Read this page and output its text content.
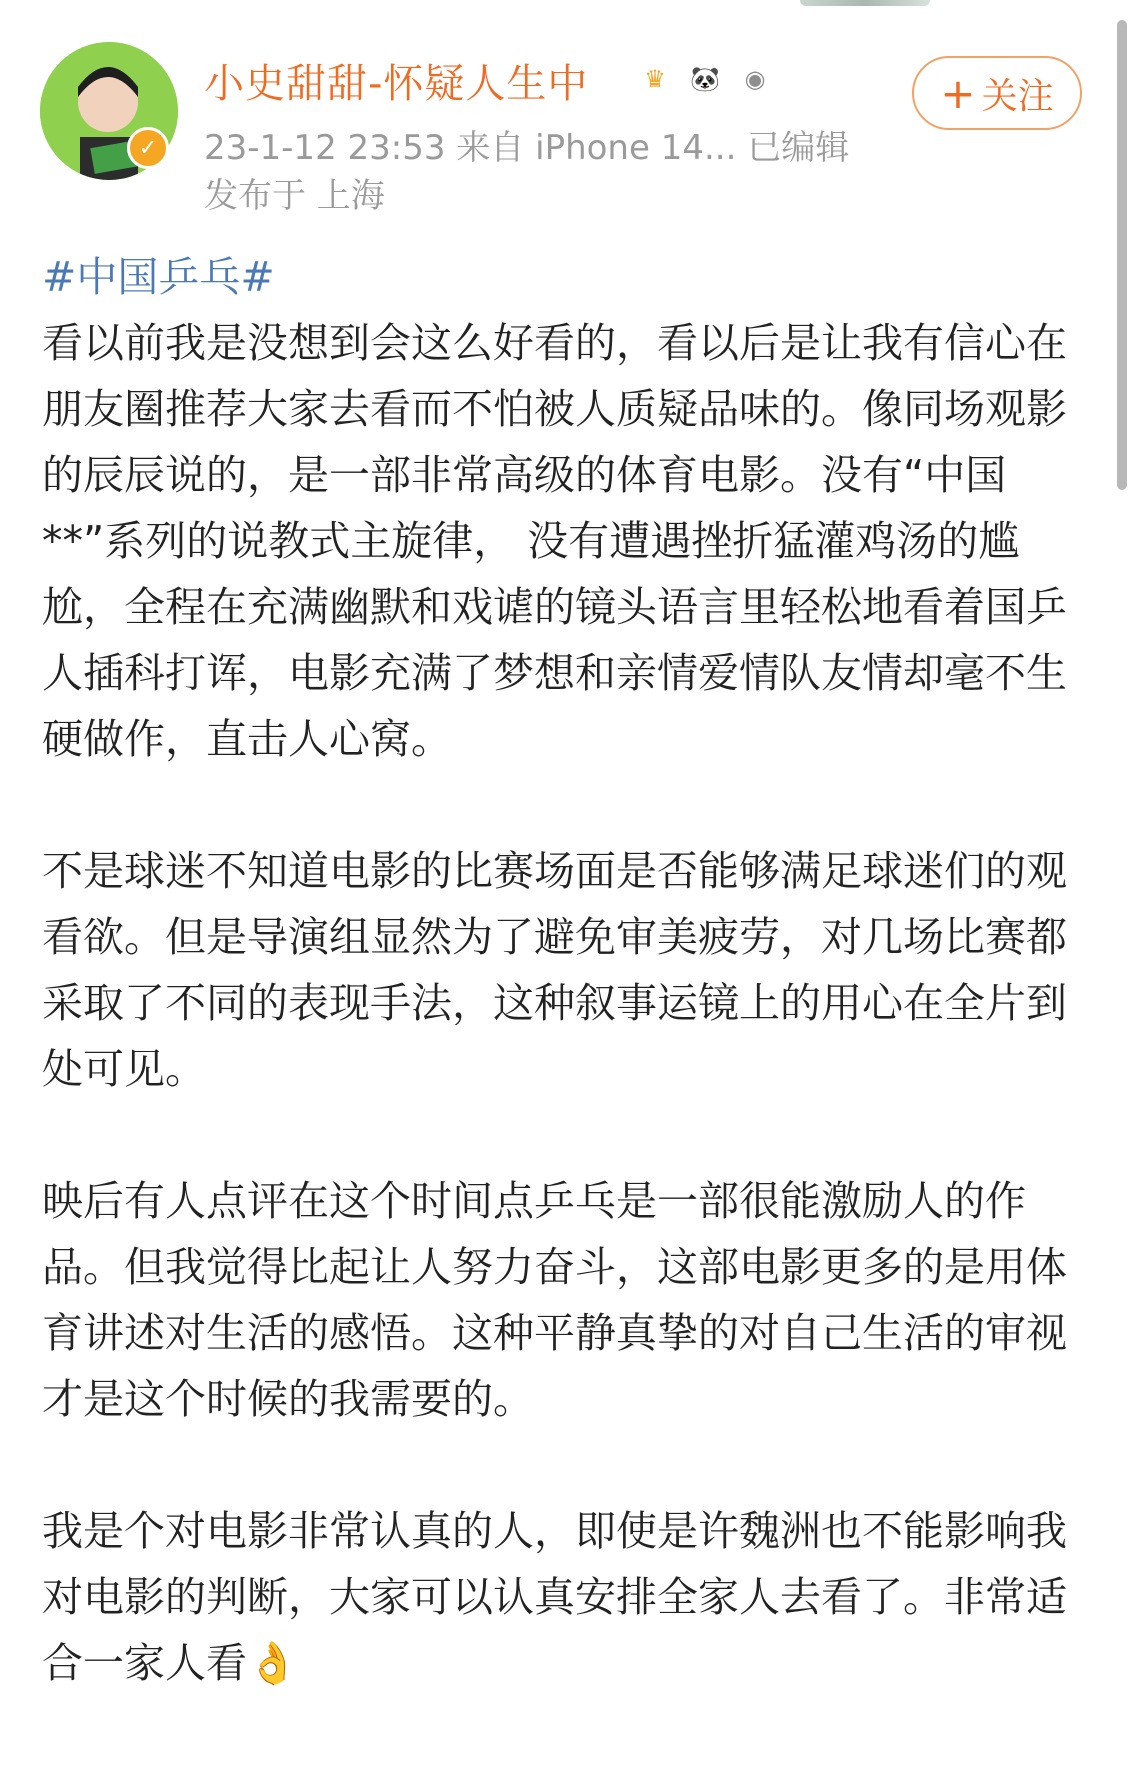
✓
小史甜甜-怀疑人生中	♛	🐼	◉
23-1-12 23:53 来自 iPhone 14... 已编辑
发布于 上海
+ 关注
#中国乒乓#

看以前我是没想到会这么好看的，看以后是让我有信心在朋友圈推荐大家去看而不怕被人质疑品味的。像同场观影的辰辰说的，是一部非常高级的体育电影。没有“中国**”系列的说教式主旋律， 没有遭遇挫折猛灌鸡汤的尴尬，全程在充满幽默和戏谑的镜头语言里轻松地看着国乒人插科打诨，电影充满了梦想和亲情爱情队友情却毫不生硬做作，直击人心窝。

不是球迷不知道电影的比赛场面是否能够满足球迷们的观看欲。但是导演组显然为了避免审美疲劳，对几场比赛都采取了不同的表现手法，这种叙事运镜上的用心在全片到处可见。

映后有人点评在这个时间点乒乓是一部很能激励人的作品。但我觉得比起让人努力奋斗，这部电影更多的是用体育讲述对生活的感悟。这种平静真挚的对自己生活的审视才是这个时候的我需要的。

我是个对电影非常认真的人，即使是许魏洲也不能影响我对电影的判断，大家可以认真安排全家人去看了。非常适合一家人看👌
